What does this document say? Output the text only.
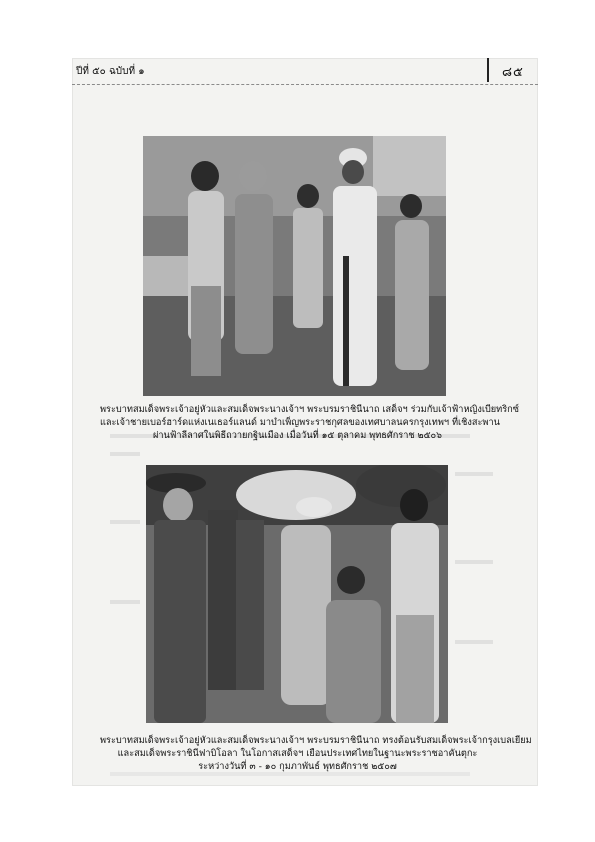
ปีที่ ๕๐ ฉบับที่ ๑	๘๕
พระบาทสมเด็จพระเจ้าอยู่หัวและสมเด็จพระนางเจ้าฯ พระบรมราชินีนาถ เสด็จฯ ร่วมกับเจ้าฟ้าหญิงเบียทริกซ์
และเจ้าชายเบอร์ฮาร์ดแห่งเนเธอร์แลนด์ มาบำเพ็ญพระราชกุศลของเทศบาลนครกรุงเทพฯ ที่เชิงสะพาน
ผ่านฟ้าลีลาศในพิธีถวายกฐินเมือง เมื่อวันที่ ๑๕ ตุลาคม พุทธศักราช ๒๕๐๖
พระบาทสมเด็จพระเจ้าอยู่หัวและสมเด็จพระนางเจ้าฯ พระบรมราชินีนาถ ทรงต้อนรับสมเด็จพระเจ้ากรุงเบลเยียม
และสมเด็จพระราชินีฟาบิโอลา ในโอกาสเสด็จฯ เยือนประเทศไทยในฐานะพระราชอาคันตุกะ
ระหว่างวันที่ ๓ - ๑๐ กุมภาพันธ์ พุทธศักราช ๒๕๐๗
